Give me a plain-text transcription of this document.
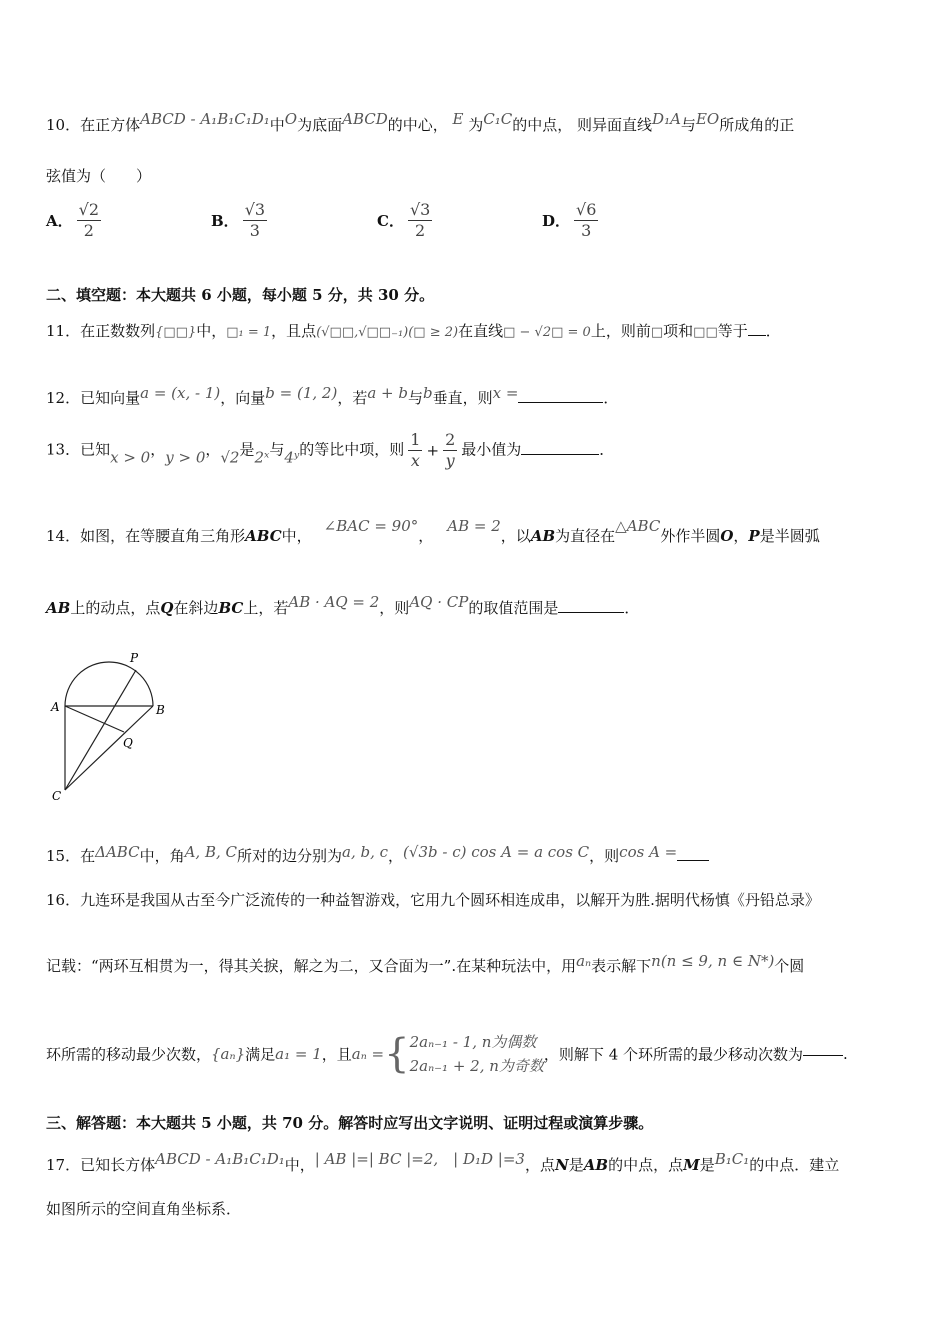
10．在正方体ABCD - A₁B₁C₁D₁中O为底面ABCD的中心， E 为C₁C的中点， 则异面直线D₁A与EO所成角的正
弦值为（　　）
A． $\frac{√2}{2}$	B． $\frac{√3}{3}$	C． $\frac{√3}{2}$	D． $\frac{√6}{3}$
二、填空题：本大题共 6 小题，每小题 5 分，共 30 分。
11．在正数数列{□□}中，□₁ = 1，且点(√□□,√□□₋₁)(□ ≥ 2)在直线□ − √2□ = 0上，则前□项和□□等于 ．
12．已知向量a = (x, - 1)，向量b = (1, 2)，若a + b与b垂直，则x =	．
13．已知x > 0，y > 0，√2是2ˣ与4ʸ的等比中项，则 $\frac{1}{x} + \frac{2}{y}$ 最小值为	．
14．如图，在等腰直角三角形ABC中，∠BAC = 90°，AB = 2，以AB为直径在△ABC外作半圆O，P是半圆弧
AB上的动点，点Q在斜边BC上，若AB · AQ = 2，则AQ · CP的取值范围是	．
P
A	B
Q
C
15．在ΔABC中，角A, B, C所对的边分别为a, b, c，(√3b - c) cos A = a cos C，则cos A =
16．九连环是我国从古至今广泛流传的一种益智游戏，它用九个圆环相连成串，以解开为胜.据明代杨慎《丹铅总录》
记载：“两环互相贯为一，得其关捩，解之为二，又合面为一”.在某种玩法中，用aₙ表示解下n(n ≤ 9, n ∈ N*)个圆
环所需的移动最少次数，{aₙ}满足a₁ = 1，且aₙ ={ 2aₙ₋₁ - 1, n为偶数
2aₙ₋₁ + 2, n为奇数
，则解下 4 个环所需的最少移动次数为	.
三、解答题：本大题共 5 小题，共 70 分。解答时应写出文字说明、证明过程或演算步骤。
17．已知长方体ABCD - A₁B₁C₁D₁中，| AB |=| BC |=2,　| D₁D |=3，点N是AB的中点，点M是B₁C₁的中点．建立
如图所示的空间直角坐标系．
